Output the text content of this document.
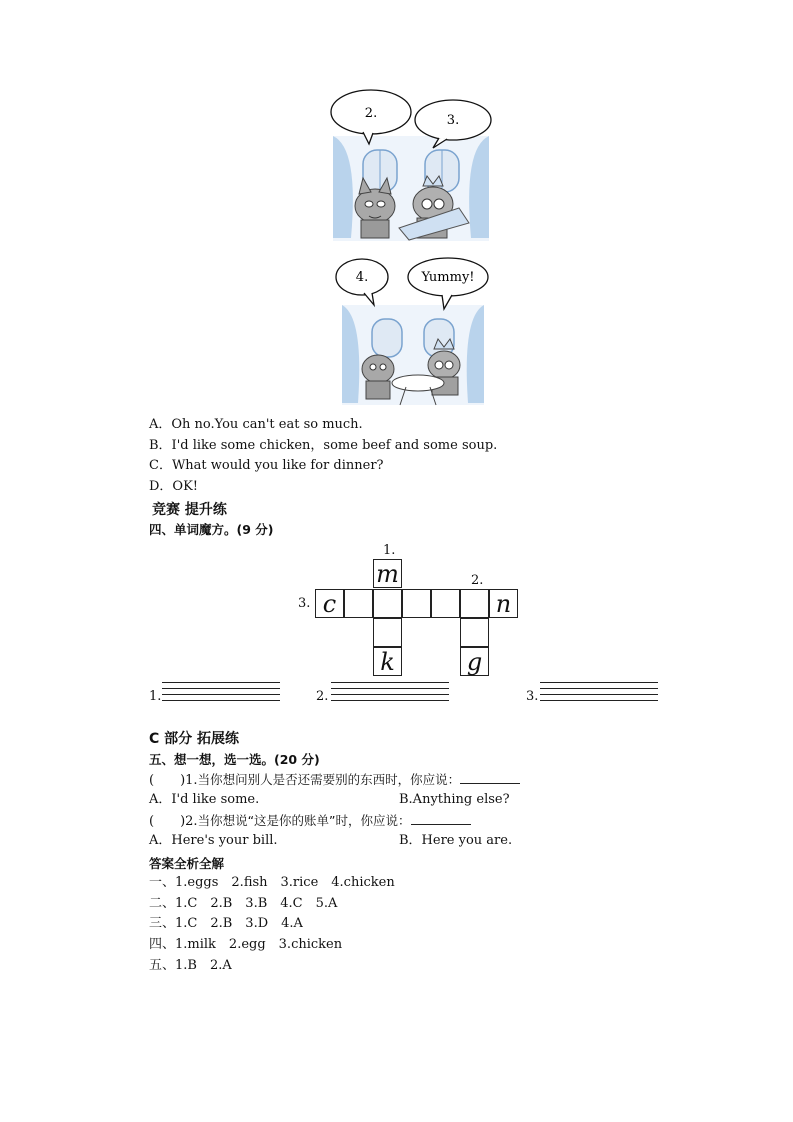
2.	3.
4.	Yummy!
A．Oh no.You can't eat so much.
B．I'd like some chicken，some beef and some soup.
C．What would you like for dinner?
D．OK!
竞赛 提升练
四、单词魔方。(9 分)
1.
2.
3.
m
k
c	n
g
1.	2.	3.
C 部分 拓展练
五、想一想，选一选。(20 分)
(　　)1.当你想问别人是否还需要别的东西时，你应说：
A．I'd like some.	B.Anything else?
(　　)2.当你想说“这是你的账单”时，你应说：
A．Here's your bill.	B．Here you are.
答案全析全解
一、1.eggs　2.fish　3.rice　4.chicken
二、1.C　2.B　3.B　4.C　5.A
三、1.C　2.B　3.D　4.A
四、1.milk　2.egg　3.chicken
五、1.B　2.A
